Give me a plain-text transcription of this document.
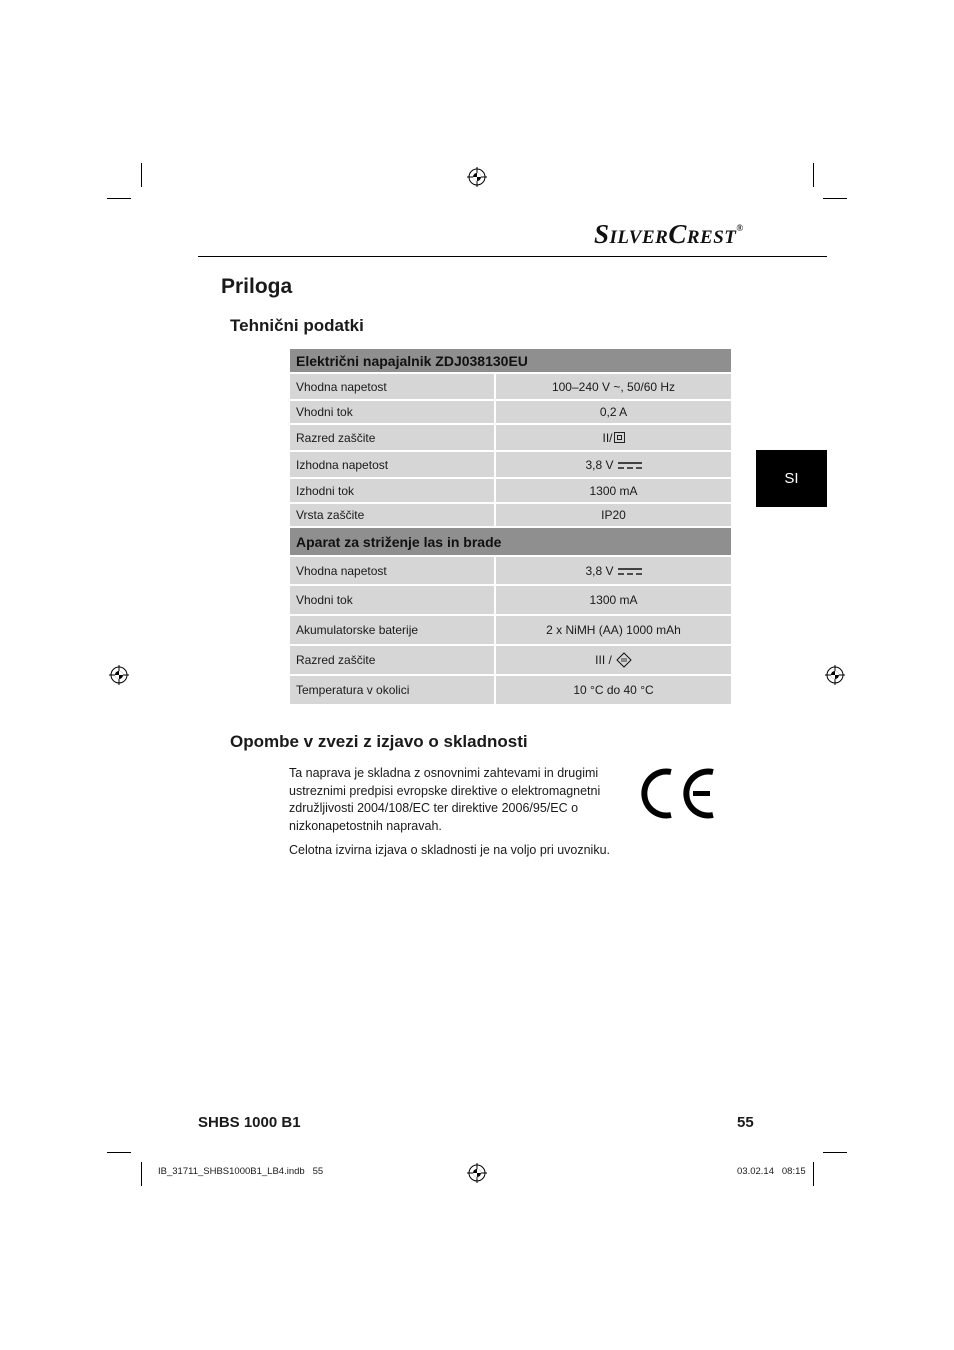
SilverCrest®
Priloga
Tehnični podatki
Električni napajalnik ZDJ038130EU
Vhodna napetost	100–240 V ~, 50/60 Hz
Vhodni tok	0,2 A
Razred zaščite	II/
Izhodna napetost	3,8 V
Izhodni tok	1300 mA
Vrsta zaščite	IP20
Aparat za striženje las in brade
Vhodna napetost	3,8 V
Vhodni tok	1300 mA
Akumulatorske baterije	2 x NiMH (AA) 1000 mAh
Razred zaščite	III /
Temperatura v okolici	10 °C do 40 °C
SI
Opombe v zvezi z izjavo o skladnosti
Ta naprava je skladna z osnovnimi zahtevami in drugimi ustreznimi predpisi evropske direktive o elektromagnetni združljivosti 2004/108/EC ter direktive 2006/95/EC o nizkonapetostnih napravah.
Celotna izvirna izjava o skladnosti je na voljo pri uvozniku.
SHBS 1000 B1	55
IB_31711_SHBS1000B1_LB4.indb   55	03.02.14   08:15
